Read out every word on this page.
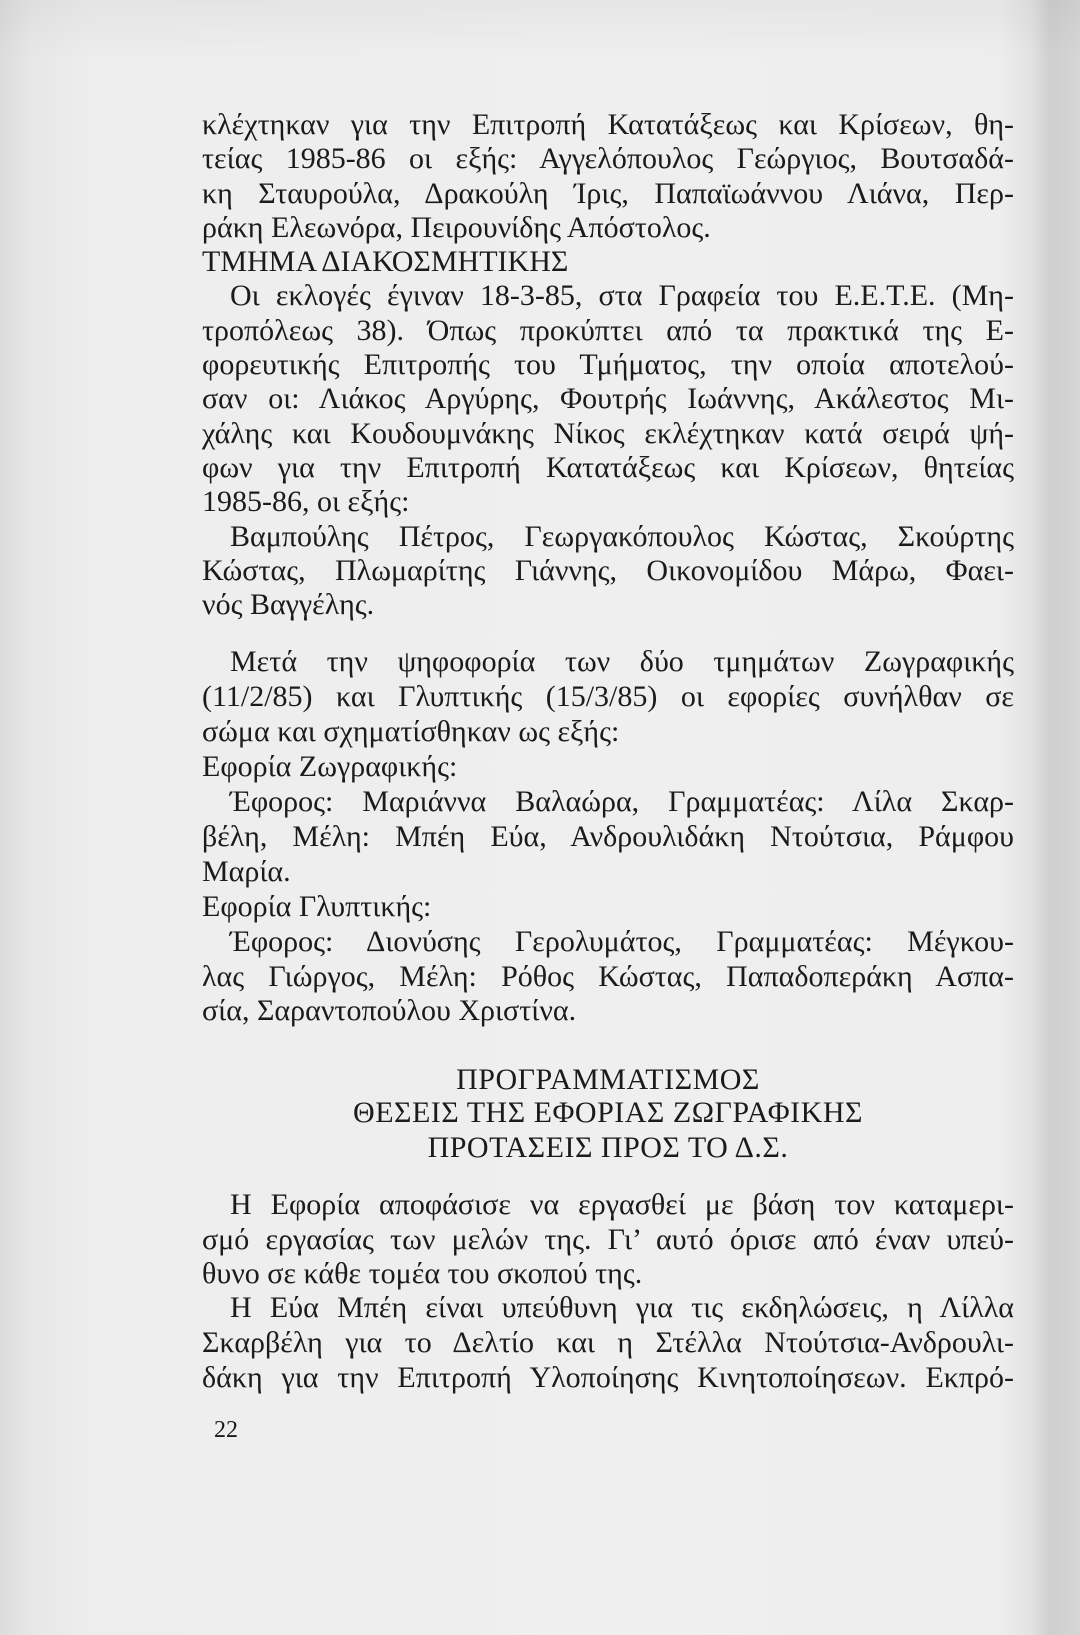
κλέχτηκαν για την Επιτροπή Κατατάξεως και Κρίσεων, θη-
τείας 1985-86 οι εξής: Αγγελόπουλος Γεώργιος, Βουτσαδά-
κη Σταυρούλα, Δρακούλη Ίρις, Παπαϊωάννου Λιάνα, Περ-
ράκη Ελεωνόρα, Πειρουνίδης Απόστολος.
ΤΜΗΜΑ ΔΙΑΚΟΣΜΗΤΙΚΗΣ
Οι εκλογές έγιναν 18-3-85, στα Γραφεία του Ε.Ε.Τ.Ε. (Μη-
τροπόλεως 38). Όπως προκύπτει από τα πρακτικά της Ε-
φορευτικής Επιτροπής του Τμήματος, την οποία αποτελού-
σαν οι: Λιάκος Αργύρης, Φουτρής Ιωάννης, Ακάλεστος Μι-
χάλης και Κουδουμνάκης Νίκος εκλέχτηκαν κατά σειρά ψή-
φων για την Επιτροπή Κατατάξεως και Κρίσεων, θητείας
1985-86, οι εξής:
Βαμπούλης Πέτρος, Γεωργακόπουλος Κώστας, Σκούρτης
Κώστας, Πλωμαρίτης Γιάννης, Οικονομίδου Μάρω, Φαει-
νός Βαγγέλης.
Μετά την ψηφοφορία των δύο τμημάτων Ζωγραφικής
(11/2/85) και Γλυπτικής (15/3/85) οι εφορίες συνήλθαν σε
σώμα και σχηματίσθηκαν ως εξής:
Εφορία Ζωγραφικής:
Έφορος: Μαριάννα Βαλαώρα, Γραμματέας: Λίλα Σκαρ-
βέλη, Μέλη: Μπέη Εύα, Ανδρουλιδάκη Ντούτσια, Ράμφου
Μαρία.
Εφορία Γλυπτικής:
Έφορος: Διονύσης Γερολυμάτος, Γραμματέας: Μέγκου-
λας Γιώργος, Μέλη: Ρόθος Κώστας, Παπαδοπεράκη Ασπα-
σία, Σαραντοπούλου Χριστίνα.
ΠΡΟΓΡΑΜΜΑΤΙΣΜΟΣ
ΘΕΣΕΙΣ ΤΗΣ ΕΦΟΡΙΑΣ ΖΩΓΡΑΦΙΚΗΣ
ΠΡΟΤΑΣΕΙΣ ΠΡΟΣ ΤΟ Δ.Σ.
Η Εφορία αποφάσισε να εργασθεί με βάση τον καταμερι-
σμό εργασίας των μελών της. Γι’ αυτό όρισε από έναν υπεύ-
θυνο σε κάθε τομέα του σκοπού της.
Η Εύα Μπέη είναι υπεύθυνη για τις εκδηλώσεις, η Λίλλα
Σκαρβέλη για το Δελτίο και η Στέλλα Ντούτσια-Ανδρουλι-
δάκη για την Επιτροπή Υλοποίησης Κινητοποίησεων. Εκπρό-
22
